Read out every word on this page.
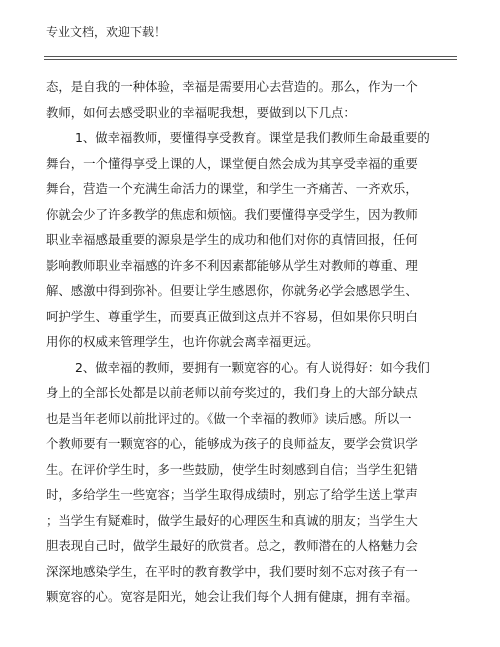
专业文档，欢迎下载！
态，是自我的一种体验，幸福是需要用心去营造的。那么，作为一个
教师，如何去感受职业的幸福呢我想，要做到以下几点：
1、做幸福教师，要懂得享受教育。课堂是我们教师生命最重要的
舞台，一个懂得享受上课的人，课堂便自然会成为其享受幸福的重要
舞台，营造一个充满生命活力的课堂，和学生一齐痛苦、一齐欢乐，
你就会少了许多教学的焦虑和烦恼。我们要懂得享受学生，因为教师
职业幸福感最重要的源泉是学生的成功和他们对你的真情回报，任何
影响教师职业幸福感的许多不利因素都能够从学生对教师的尊重、理
解、感激中得到弥补。但要让学生感恩你，你就务必学会感恩学生、
呵护学生、尊重学生，而要真正做到这点并不容易，但如果你只明白
用你的权威来管理学生，也许你就会离幸福更远。
2、做幸福的教师，要拥有一颗宽容的心。有人说得好：如今我们
身上的全部长处都是以前老师以前夸奖过的，我们身上的大部分缺点
也是当年老师以前批评过的。《做一个幸福的教师》读后感。所以一
个教师要有一颗宽容的心，能够成为孩子的良师益友，要学会赏识学
生。在评价学生时，多一些鼓励，使学生时刻感到自信；当学生犯错
时，多给学生一些宽容；当学生取得成绩时，别忘了给学生送上掌声
；当学生有疑难时，做学生最好的心理医生和真诚的朋友；当学生大
胆表现自己时，做学生最好的欣赏者。总之，教师潜在的人格魅力会
深深地感染学生，在平时的教育教学中，我们要时刻不忘对孩子有一
颗宽容的心。宽容是阳光，她会让我们每个人拥有健康，拥有幸福。
